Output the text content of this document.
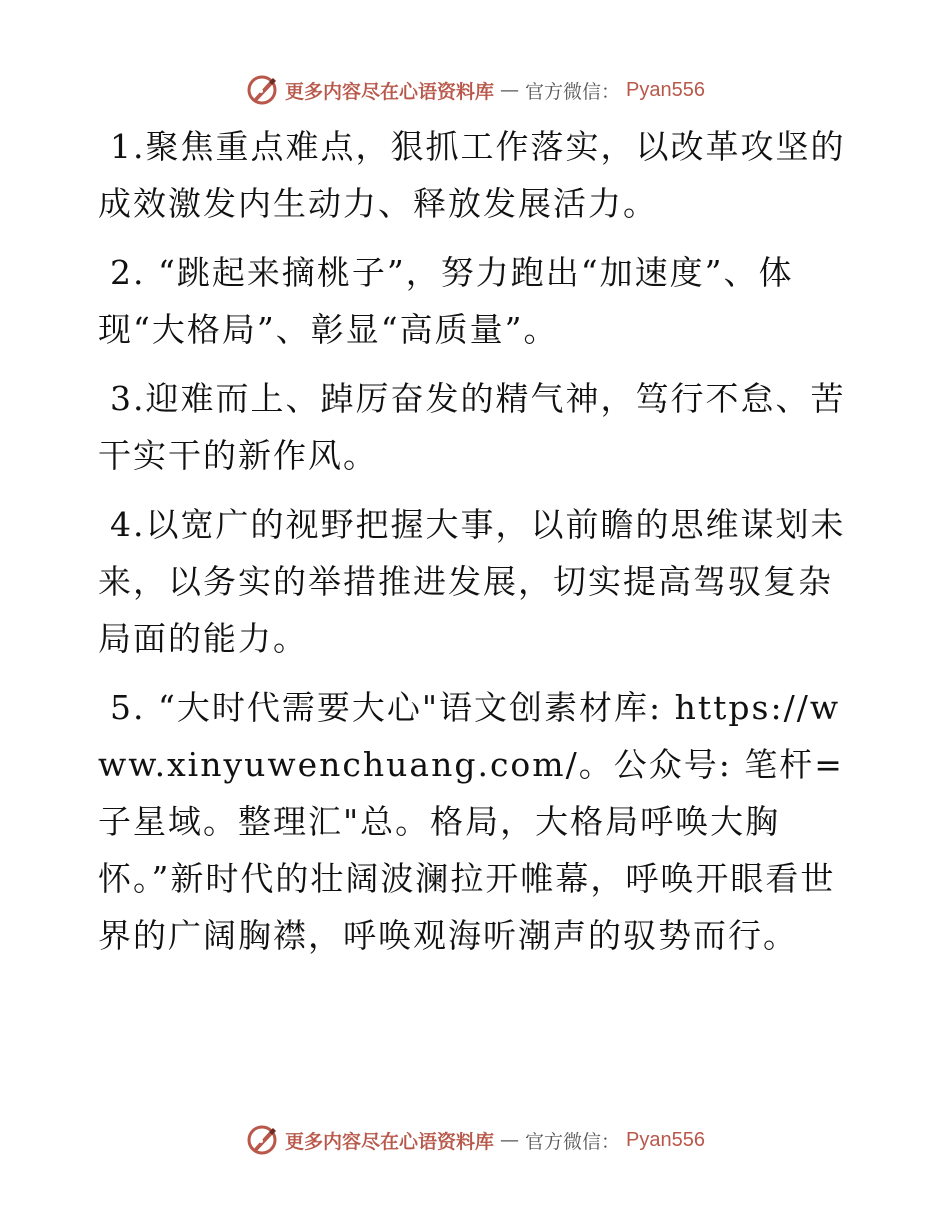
更多内容尽在心语资料库 — 官方微信： Pyan556

1.聚焦重点难点，狠抓工作落实，以改革攻坚的成效激发内生动力、释放发展活力。

2. “跳起来摘桃子”，努力跑出“加速度”、体现“大格局”、彰显“高质量”。

3.迎难而上、踔厉奋发的精气神，笃行不怠、苦干实干的新作风。

4.以宽广的视野把握大事，以前瞻的思维谋划未来，以务实的举措推进发展，切实提高驾驭复杂局面的能力。

5. “大时代需要大心"语文创素材库: https://www.xinyuwenchuang.com/。公众号: 笔杆=子星域。整理汇"总。格局，大格局呼唤大胸怀。”新时代的壮阔波澜拉开帷幕，呼唤开眼看世界的广阔胸襟，呼唤观海听潮声的驭势而行。

更多内容尽在心语资料库 — 官方微信： Pyan556
